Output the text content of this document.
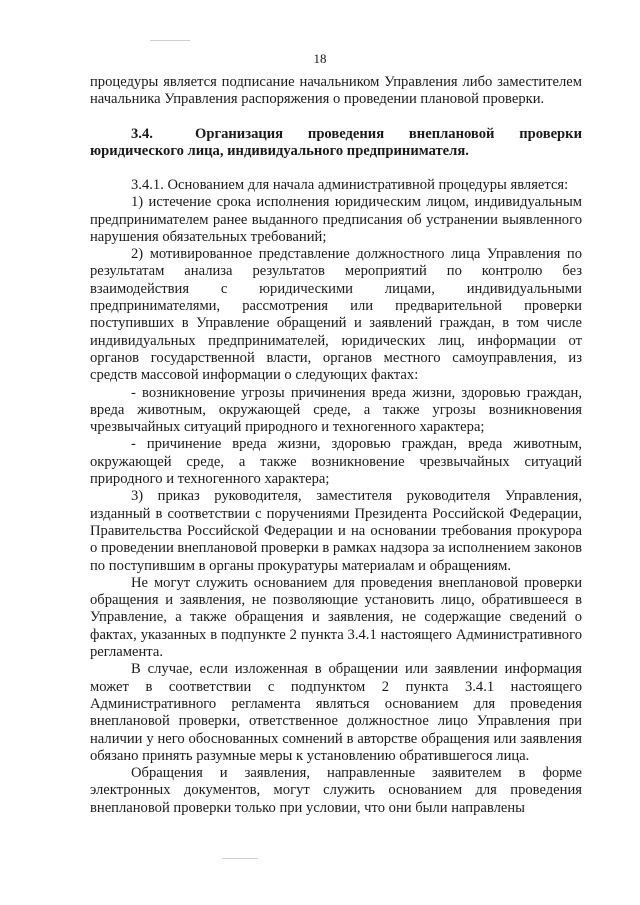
18

процедуры является подписание начальником Управления либо заместителем начальника Управления распоряжения о проведении плановой проверки.

3.4.	Организация проведения внеплановой проверки юридического лица, индивидуального предпринимателя.

3.4.1. Основанием для начала административной процедуры является:

1) истечение срока исполнения юридическим лицом, индивидуальным предпринимателем ранее выданного предписания об устранении выявленного нарушения обязательных требований;

2) мотивированное представление должностного лица Управления по результатам анализа результатов мероприятий по контролю без взаимодействия с юридическими лицами, индивидуальными предпринимателями, рассмотрения или предварительной проверки поступивших в Управление обращений и заявлений граждан, в том числе индивидуальных предпринимателей, юридических лиц, информации от органов государственной власти, органов местного самоуправления, из средств массовой информации о следующих фактах:

- возникновение угрозы причинения вреда жизни, здоровью граждан, вреда животным, окружающей среде, а также угрозы возникновения чрезвычайных ситуаций природного и техногенного характера;

- причинение вреда жизни, здоровью граждан, вреда животным, окружающей среде, а также возникновение чрезвычайных ситуаций природного и техногенного характера;

3) приказ руководителя, заместителя руководителя Управления, изданный в соответствии с поручениями Президента Российской Федерации, Правительства Российской Федерации и на основании требования прокурора о проведении внеплановой проверки в рамках надзора за исполнением законов по поступившим в органы прокуратуры материалам и обращениям.

Не могут служить основанием для проведения внеплановой проверки обращения и заявления, не позволяющие установить лицо, обратившееся в Управление, а также обращения и заявления, не содержащие сведений о фактах, указанных в подпункте 2 пункта 3.4.1 настоящего Административного регламента.

В случае, если изложенная в обращении или заявлении информация может в соответствии с подпунктом 2 пункта 3.4.1 настоящего Административного регламента являться основанием для проведения внеплановой проверки, ответственное должностное лицо Управления при наличии у него обоснованных сомнений в авторстве обращения или заявления обязано принять разумные меры к установлению обратившегося лица.

Обращения и заявления, направленные заявителем в форме электронных документов, могут служить основанием для проведения внеплановой проверки только при условии, что они были направлены
